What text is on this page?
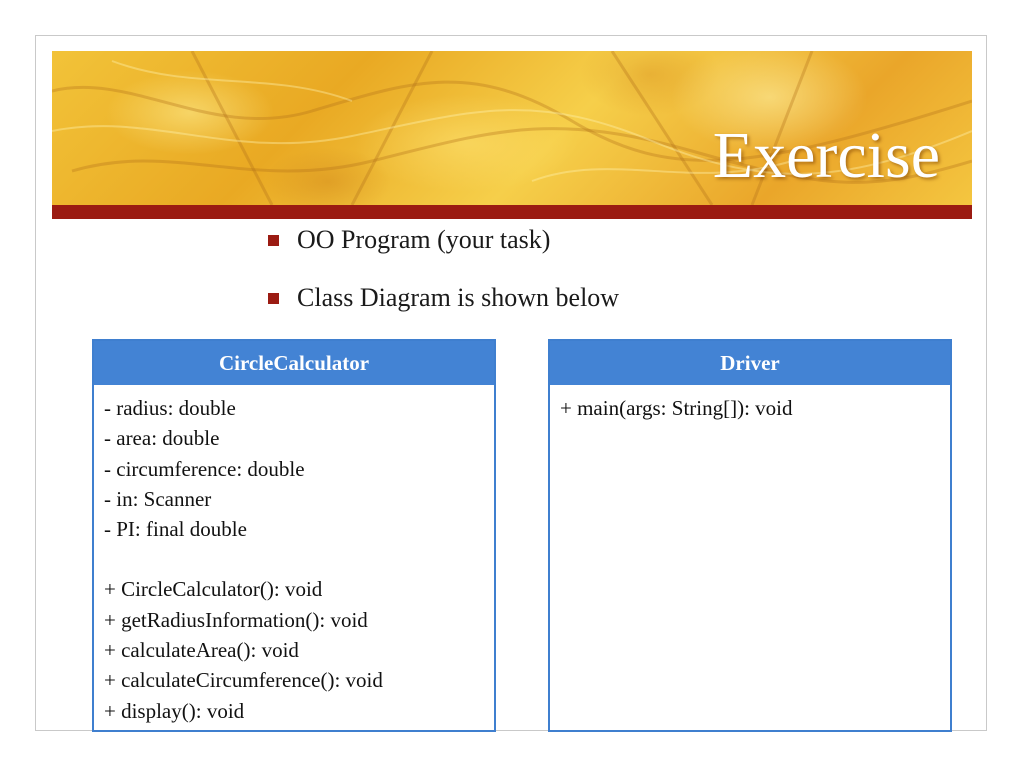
Exercise
OO Program (your task)
Class Diagram is shown below
CircleCalculator
- radius: double
- area: double
- circumference: double
- in: Scanner
- PI: final double
+ CircleCalculator(): void
+ getRadiusInformation(): void
+ calculateArea(): void
+ calculateCircumference(): void
+ display(): void
Driver
+ main(args: String[]): void
